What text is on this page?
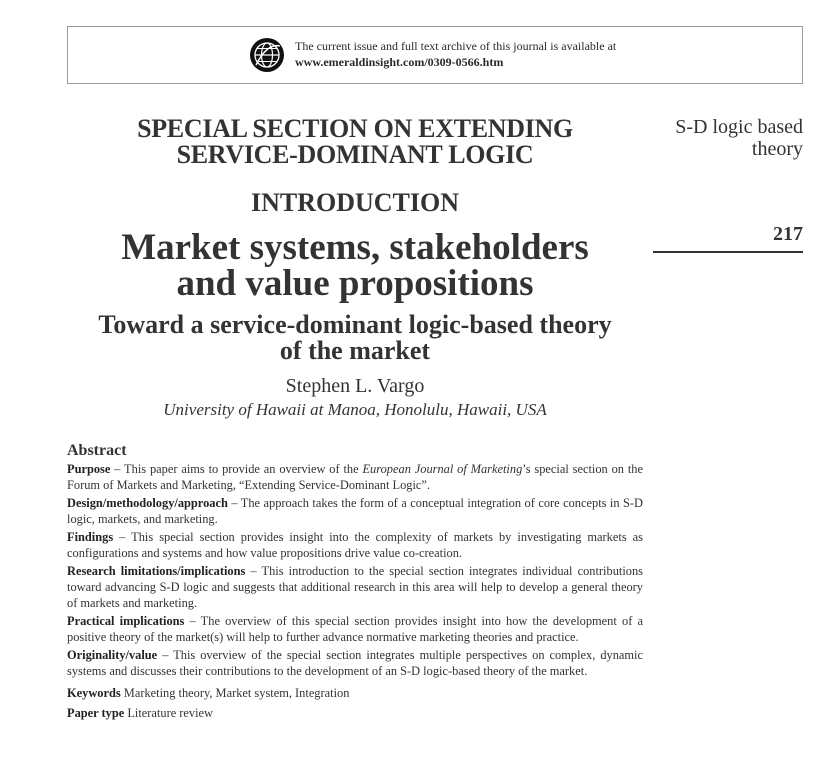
The current issue and full text archive of this journal is available at
www.emeraldinsight.com/0309-0566.htm
S-D logic based
theory
217
SPECIAL SECTION ON EXTENDING
SERVICE-DOMINANT LOGIC
INTRODUCTION
Market systems, stakeholders
and value propositions
Toward a service-dominant logic-based theory
of the market
Stephen L. Vargo
University of Hawaii at Manoa, Honolulu, Hawaii, USA
Abstract

Purpose – This paper aims to provide an overview of the European Journal of Marketing’s special section on the Forum of Markets and Marketing, “Extending Service-Dominant Logic”.

Design/methodology/approach – The approach takes the form of a conceptual integration of core concepts in S-D logic, markets, and marketing.

Findings – This special section provides insight into the complexity of markets by investigating markets as configurations and systems and how value propositions drive value co-creation.

Research limitations/implications – This introduction to the special section integrates individual contributions toward advancing S-D logic and suggests that additional research in this area will help to develop a general theory of markets and marketing.

Practical implications – The overview of this special section provides insight into how the development of a positive theory of the market(s) will help to further advance normative marketing theories and practice.

Originality/value – This overview of the special section integrates multiple perspectives on complex, dynamic systems and discusses their contributions to the development of an S-D logic-based theory of the market.

Keywords Marketing theory, Market system, Integration

Paper type Literature review
